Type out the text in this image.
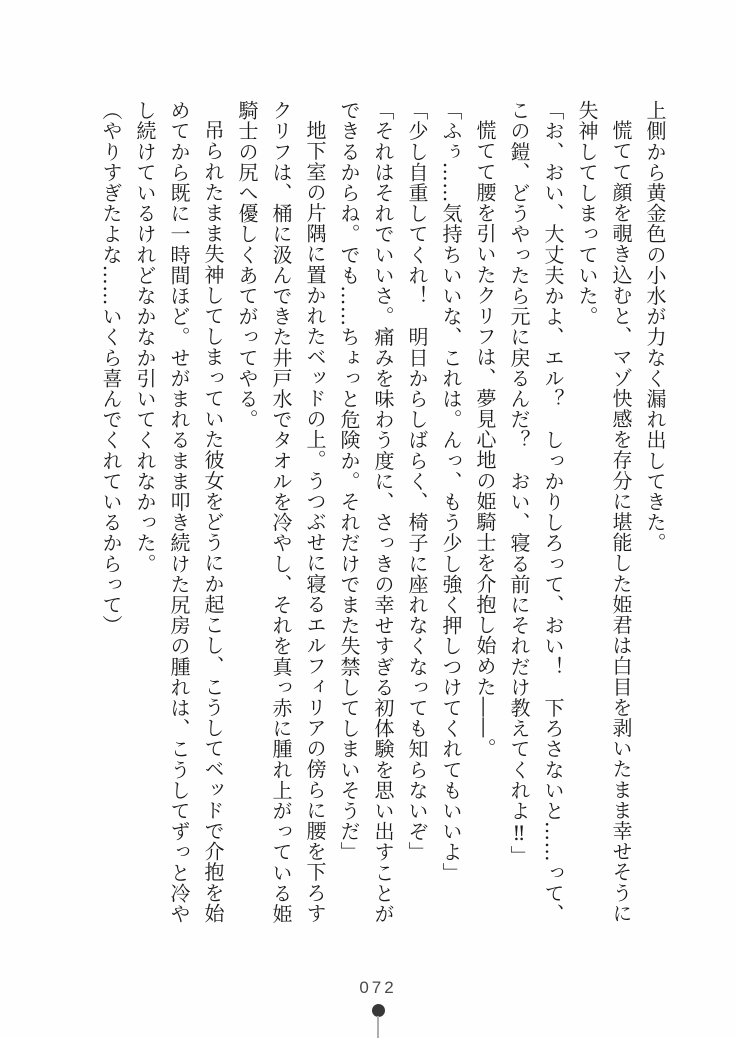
上側から黄金色の小水が力なく漏れ出してきた。
慌てて顔を覗き込むと、マゾ快感を存分に堪能した姫君は白目を剥いたまま幸せそうに
失神してしまっていた。
「お、おい、大丈夫かよ、エル？　しっかりしろって、おい！　下ろさないと……って、
この鎧、どうやったら元に戻るんだ？　おい、寝る前にそれだけ教えてくれよ‼」
慌てて腰を引いたクリフは、夢見心地の姫騎士を介抱し始めた――。
「ふぅ……気持ちいいな、これは。んっ、もう少し強く押しつけてくれてもいいよ」
「少し自重してくれ！　明日からしばらく、椅子に座れなくなっても知らないぞ」
「それはそれでいいさ。痛みを味わう度に、さっきの幸せすぎる初体験を思い出すことが
できるからね。でも……ちょっと危険か。それだけでまた失禁してしまいそうだ」
地下室の片隅に置かれたベッドの上。うつぶせに寝るエルフィリアの傍らに腰を下ろす
クリフは、桶に汲んできた井戸水でタオルを冷やし、それを真っ赤に腫れ上がっている姫
騎士の尻へ優しくあてがってやる。
吊られたまま失神してしまっていた彼女をどうにか起こし、こうしてベッドで介抱を始
めてから既に一時間ほど。せがまれるまま叩き続けた尻房の腫れは、こうしてずっと冷や
し続けているけれどなかなか引いてくれなかった。
（やりすぎたよな……いくら喜んでくれているからって）
072
